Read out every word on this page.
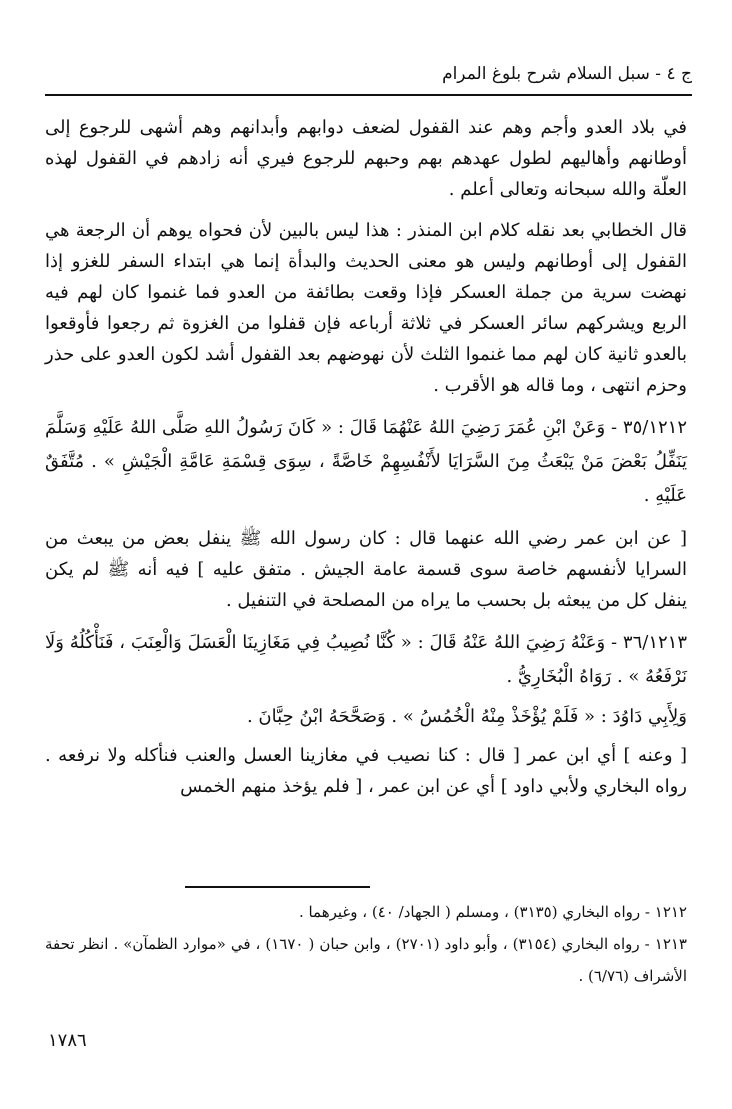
ج ٤ - سبل السلام شرح بلوغ المرام

في بلاد العدو وأجم وهم عند القفول لضعف دوابهم وأبدانهم وهم أشهى للرجوع إلى أوطانهم وأهاليهم لطول عهدهم بهم وحبهم للرجوع فيري أنه زادهم في القفول لهذه العلّة والله سبحانه وتعالى أعلم .

قال الخطابي بعد نقله كلام ابن المنذر : هذا ليس بالبين لأن فحواه يوهم أن الرجعة هي القفول إلى أوطانهم وليس هو معنى الحديث والبدأة إنما هي ابتداء السفر للغزو إذا نهضت سرية من جملة العسكر فإذا وقعت بطائفة من العدو فما غنموا كان لهم فيه الربع ويشركهم سائر العسكر في ثلاثة أرباعه فإن قفلوا من الغزوة ثم رجعوا فأوقعوا بالعدو ثانية كان لهم مما غنموا الثلث لأن نهوضهم بعد القفول أشد لكون العدو على حذر وحزم انتهى ، وما قاله هو الأقرب .

٣٥/١٢١٢ - وَعَنْ ابْنِ عُمَرَ رَضِيَ اللهُ عَنْهُمَا قَالَ : « كَانَ رَسُولُ اللهِ صَلَّى اللهُ عَلَيْهِ وَسَلَّمَ يَنَفِّلُ بَعْضَ مَنْ يَبْعَثُ مِنَ السَّرَايَا لأَنْفُسِهِمْ خَاصَّةً ، سِوَى قِسْمَةِ عَامَّةِ الْجَيْشِ » . مُتَّفَقٌ عَلَيْهِ .

[ عن ابن عمر رضي الله عنهما قال : كان رسول الله ﷺ ينفل بعض من يبعث من السرايا لأنفسهم خاصة سوى قسمة عامة الجيش . متفق عليه ] فيه أنه ﷺ لم يكن ينفل كل من يبعثه بل بحسب ما يراه من المصلحة في التنفيل .

٣٦/١٢١٣ - وَعَنْهُ رَضِيَ اللهُ عَنْهُ قَالَ : « كُنَّا نُصِيبُ فِي مَغَازِينَا الْعَسَلَ وَالْعِنَبَ ، فَنَأْكُلُهُ وَلَا نَرْفَعُهُ » . رَوَاهُ الْبُخَارِيُّ .

وَلِأَبِي دَاوُدَ : « فَلَمْ يُؤْخَذْ مِنْهُ الْخُمُسُ » . وَصَحَّحَهُ ابْنُ حِبَّانَ .

[ وعنه ] أي ابن عمر [ قال : كنا نصيب في مغازينا العسل والعنب فنأكله ولا نرفعه . رواه البخاري ولأبي داود ] أي عن ابن عمر ، [ فلم يؤخذ منهم الخمس

١٢١٢ - رواه البخاري (٣١٣٥) ، ومسلم ( الجهاد/ ٤٠) ، وغيرهما .

١٢١٣ - رواه البخاري (٣١٥٤) ، وأبو داود (٢٧٠١) ، وابن حبان ( ١٦٧٠) ، في «موارد الظمآن» . انظر تحفة الأشراف (٦/٧٦) .

١٧٨٦
